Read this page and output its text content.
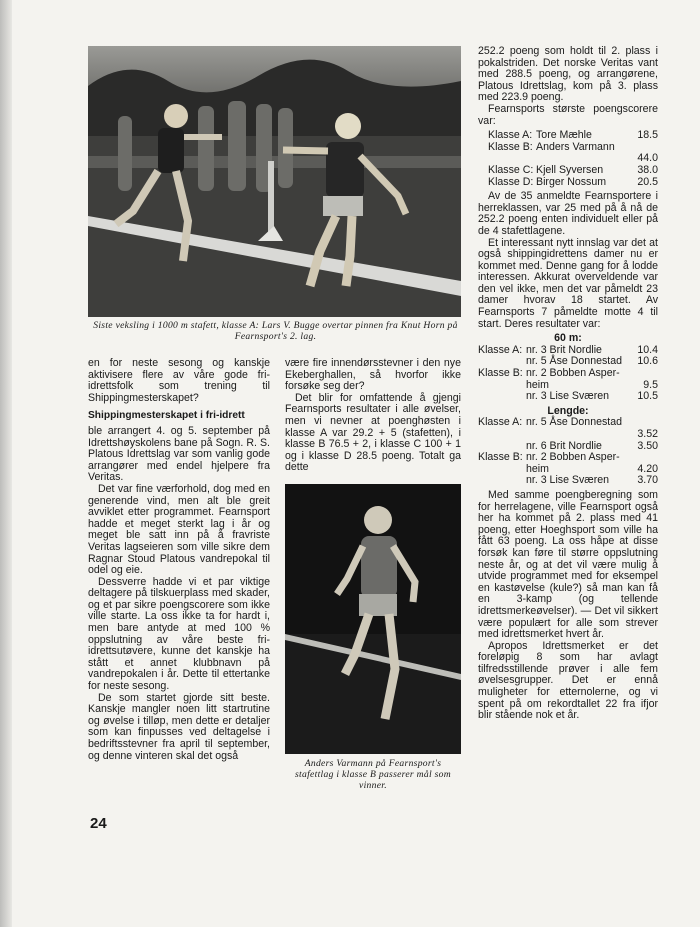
Siste veksling i 1000 m stafett, klasse A: Lars V. Bugge overtar pinnen fra Knut Horn på Fearnsport's 2. lag.

en for neste sesong og kanskje aktivisere flere av våre gode fri-idrettsfolk som trening til Shippingmesterskapet?

Shippingmesterskapet i fri-idrett

ble arrangert 4. og 5. september på Idrettshøyskolens bane på Sogn. R. S. Platous Idrettslag var som vanlig gode arrangører med endel hjelpere fra Veritas.

Det var fine værforhold, dog med en generende vind, men alt ble greit avviklet etter programmet. Fearnsport hadde et meget sterkt lag i år og meget ble satt inn på å fravriste Veritas lagseieren som ville sikre dem Ragnar Stoud Platous vandrepokal til odel og eie.

Dessverre hadde vi et par viktige deltagere på tilskuerplass med skader, og et par sikre poengscorere som ikke ville starte. La oss ikke ta for hardt i, men bare antyde at med 100 % oppslutning av våre beste fri-idrettsutøvere, kunne det kanskje ha stått et annet klubbnavn på vandrepokalen i år. Dette til ettertanke for neste sesong.

De som startet gjorde sitt beste. Kanskje mangler noen litt startrutine og øvelse i tilløp, men dette er detaljer som kan finpusses ved deltagelse i bedriftsstevner fra april til september, og denne vinteren skal det også

være fire innendørsstevner i den nye Ekeberghallen, så hvorfor ikke forsøke seg der?

Det blir for omfattende å gjengi Fearnsports resultater i alle øvelser, men vi nevner at poenghøsten i klasse A var 29.2 + 5 (stafetten), i klasse B 76.5 + 2, i klasse C 100 + 1 og i klasse D 28.5 poeng. Totalt ga dette

Anders Varmann på Fearnsport's stafettlag i klasse B passerer mål som vinner.

252.2 poeng som holdt til 2. plass i pokalstriden. Det norske Veritas vant med 288.5 poeng, og arrangørene, Platous Idrettslag, kom på 3. plass med 223.9 poeng.

Fearnsports største poengscorere var:

Klasse A: Tore Mæhle	18.5
Klasse B: Anders Varmann
44.0
Klasse C: Kjell Syversen	38.0
Klasse D: Birger Nossum	20.5

Av de 35 anmeldte Fearnsportere i herreklassen, var 25 med på å nå de 252.2 poeng enten individuelt eller på de 4 stafettlagene.

Et interessant nytt innslag var det at også shippingidrettens damer nu er kommet med. Denne gang for å lodde interessen. Akkurat overveldende var den vel ikke, men det var påmeldt 23 damer hvorav 18 startet. Av Fearnsports 7 påmeldte motte 4 til start. Deres resultater var:

60 m:
Klasse A: nr. 3 Brit Nordlie	10.4
nr. 5 Åse Donnestad	10.6
Klasse B: nr. 2 Bobben Asper-
heim	9.5
nr. 3 Lise Sværen	10.5
Lengde:
Klasse A: nr. 5 Åse Donnestad
3.52
nr. 6 Brit Nordlie	3.50
Klasse B: nr. 2 Bobben Asper-
heim	4.20
nr. 3 Lise Sværen	3.70

Med samme poengberegning som for herrelagene, ville Fearnsport også her ha kommet på 2. plass med 41 poeng, etter Hoeghsport som ville ha fått 63 poeng. La oss håpe at disse forsøk kan føre til større oppslutning neste år, og at det vil være mulig å utvide programmet med for eksempel en kastøvelse (kule?) så man kan få en 3-kamp (og tellende idrettsmerkeøvelser). — Det vil sikkert være populært for alle som strever med idrettsmerket hvert år.

Apropos Idrettsmerket er det foreløpig 8 som har avlagt tilfredsstillende prøver i alle fem øvelsesgrupper. Det er ennå muligheter for etternolerne, og vi spent på om rekordtallet 22 fra ifjor blir stående nok et år.

24
